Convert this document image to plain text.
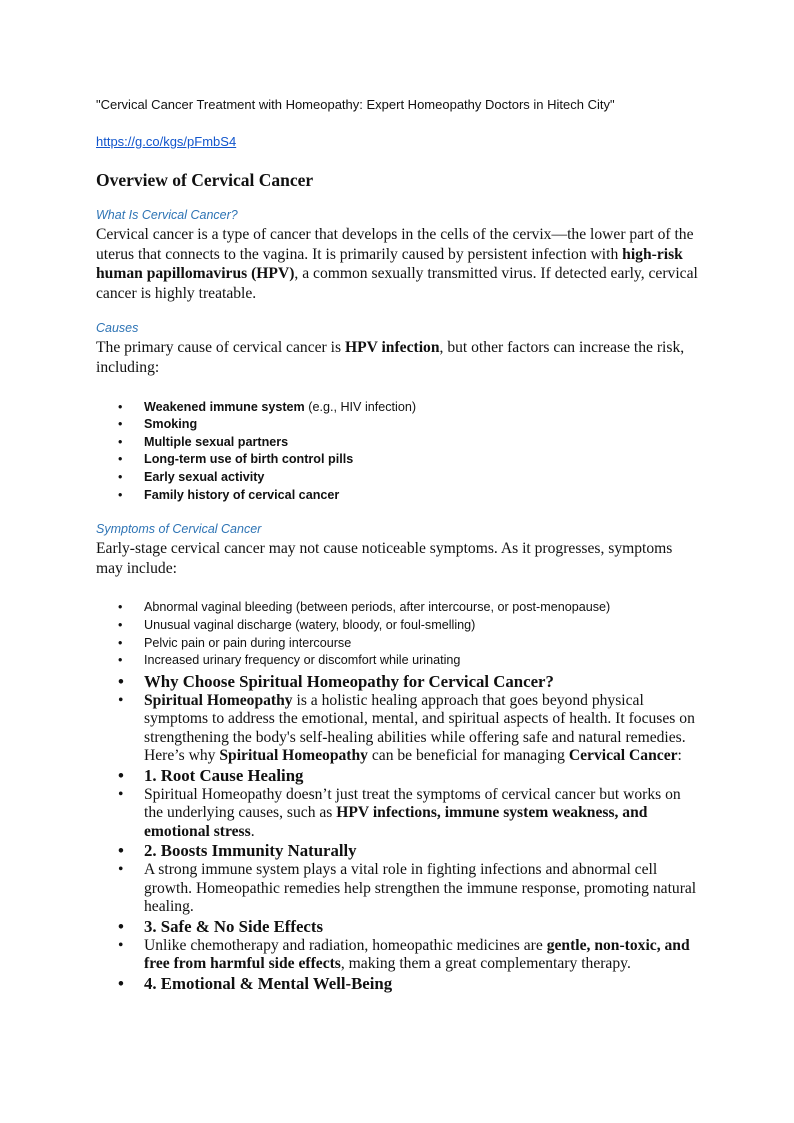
"Cervical Cancer Treatment with Homeopathy: Expert Homeopathy Doctors in Hitech City"

https://g.co/kgs/pFmbS4
Overview of Cervical Cancer
What Is Cervical Cancer?

Cervical cancer is a type of cancer that develops in the cells of the cervix—the lower part of the uterus that connects to the vagina. It is primarily caused by persistent infection with high-risk human papillomavirus (HPV), a common sexually transmitted virus. If detected early, cervical cancer is highly treatable.

Causes

The primary cause of cervical cancer is HPV infection, but other factors can increase the risk, including:

• Weakened immune system (e.g., HIV infection)
• Smoking
• Multiple sexual partners
• Long-term use of birth control pills
• Early sexual activity
• Family history of cervical cancer
Symptoms of Cervical Cancer

Early-stage cervical cancer may not cause noticeable symptoms. As it progresses, symptoms may include:

• Abnormal vaginal bleeding (between periods, after intercourse, or post-menopause)
• Unusual vaginal discharge (watery, bloody, or foul-smelling)
• Pelvic pain or pain during intercourse
• Increased urinary frequency or discomfort while urinating
• Why Choose Spiritual Homeopathy for Cervical Cancer?
• Spiritual Homeopathy is a holistic healing approach that goes beyond physical symptoms to address the emotional, mental, and spiritual aspects of health. It focuses on strengthening the body's self-healing abilities while offering safe and natural remedies. Here’s why Spiritual Homeopathy can be beneficial for managing Cervical Cancer:
• 1. Root Cause Healing
• Spiritual Homeopathy doesn’t just treat the symptoms of cervical cancer but works on the underlying causes, such as HPV infections, immune system weakness, and emotional stress.
• 2. Boosts Immunity Naturally
• A strong immune system plays a vital role in fighting infections and abnormal cell growth. Homeopathic remedies help strengthen the immune response, promoting natural healing.
• 3. Safe & No Side Effects
• Unlike chemotherapy and radiation, homeopathic medicines are gentle, non-toxic, and free from harmful side effects, making them a great complementary therapy.
• 4. Emotional & Mental Well-Being
